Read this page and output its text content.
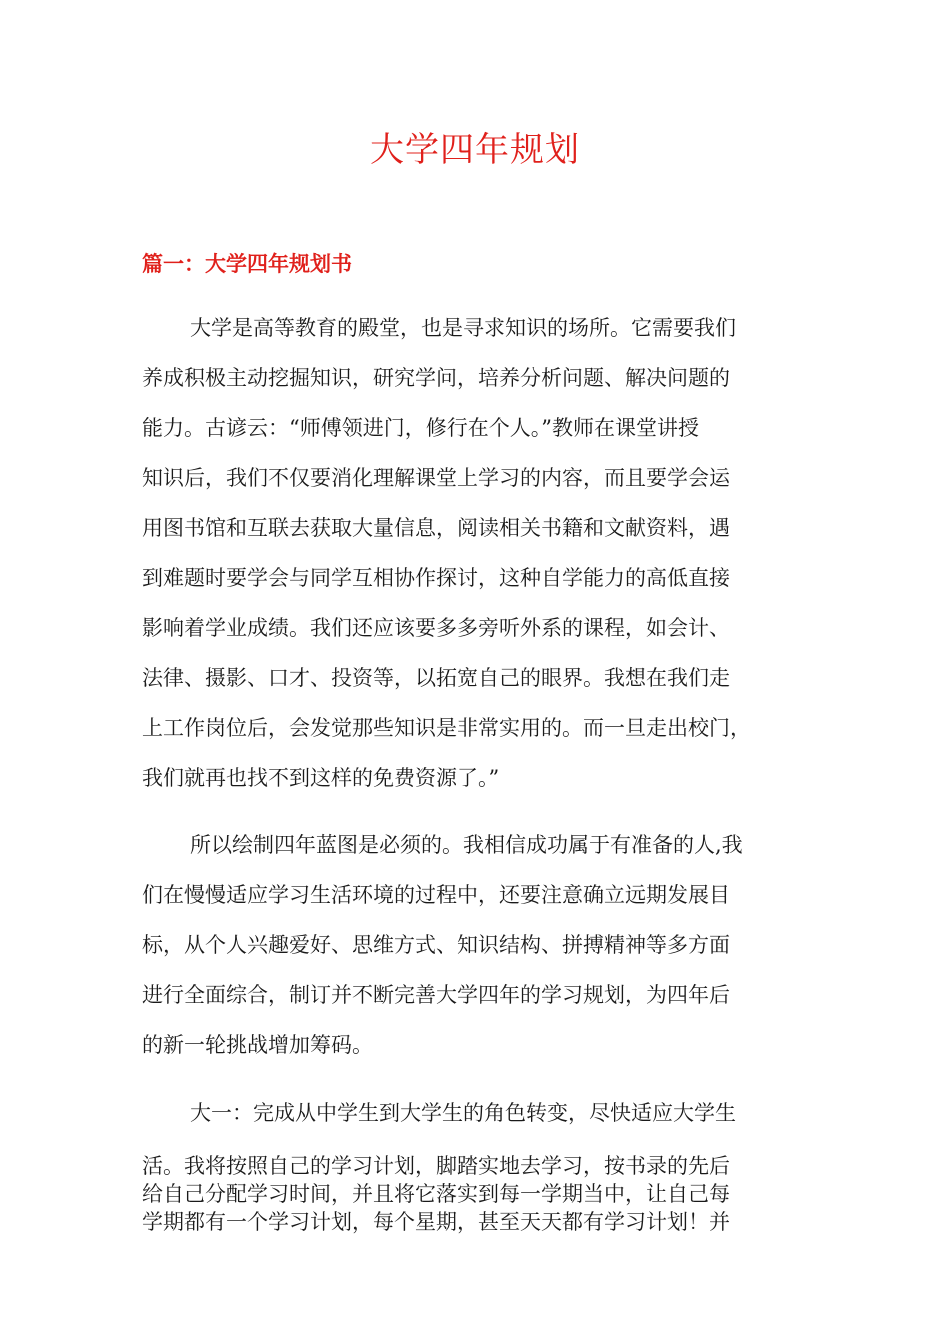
大学四年规划
篇一：大学四年规划书
大学是高等教育的殿堂，也是寻求知识的场所。它需要我们
养成积极主动挖掘知识，研究学问，培养分析问题、解决问题的
能力。古谚云：“师傅领进门，修行在个人。”教师在课堂讲授
知识后，我们不仅要消化理解课堂上学习的内容，而且要学会运
用图书馆和互联去获取大量信息，阅读相关书籍和文献资料，遇
到难题时要学会与同学互相协作探讨，这种自学能力的高低直接
影响着学业成绩。我们还应该要多多旁听外系的课程，如会计、
法律、摄影、口才、投资等，以拓宽自己的眼界。我想在我们走
上工作岗位后，会发觉那些知识是非常实用的。而一旦走出校门，
我们就再也找不到这样的免费资源了。”
所以绘制四年蓝图是必须的。我相信成功属于有准备的人,我
们在慢慢适应学习生活环境的过程中，还要注意确立远期发展目
标，从个人兴趣爱好、思维方式、知识结构、拼搏精神等多方面
进行全面综合，制订并不断完善大学四年的学习规划，为四年后
的新一轮挑战增加筹码。
大一：完成从中学生到大学生的角色转变，尽快适应大学生
活。我将按照自己的学习计划，脚踏实地去学习，按书录的先后
给自己分配学习时间，并且将它落实到每一学期当中，让自己每
学期都有一个学习计划，每个星期，甚至天天都有学习计划！并
